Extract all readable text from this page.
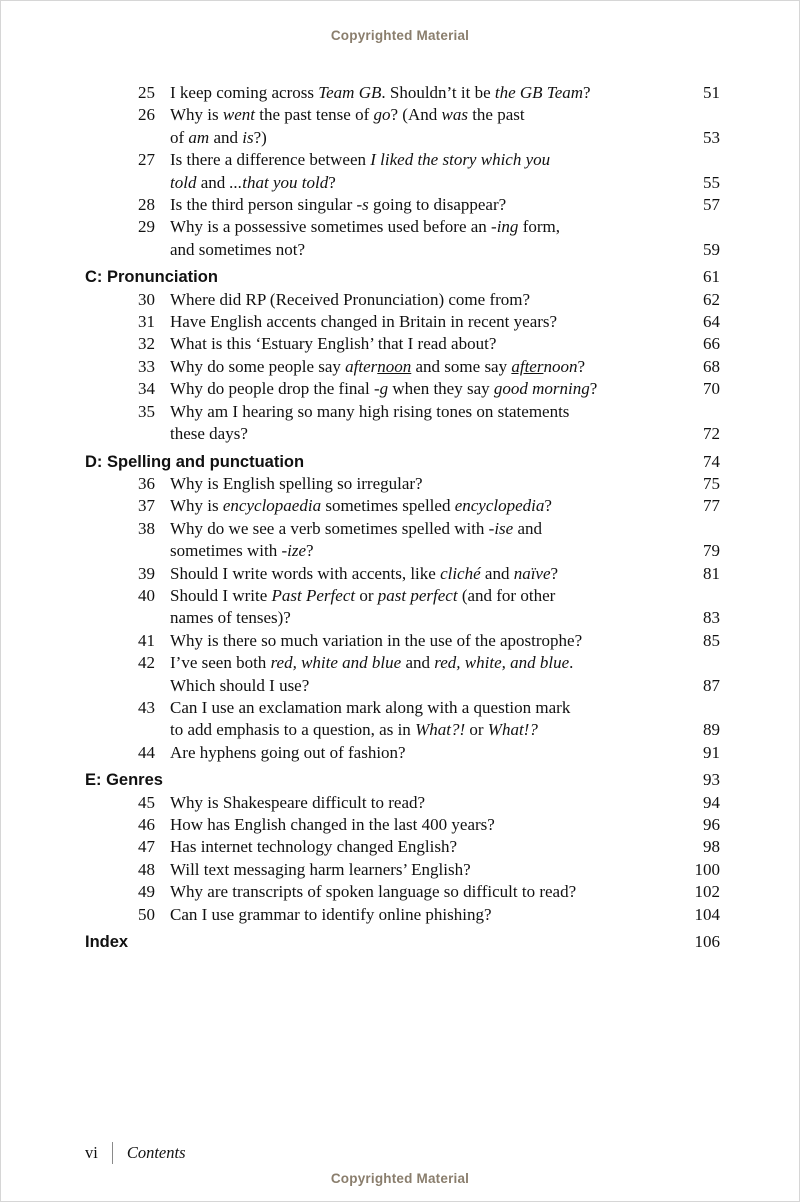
Copyrighted Material
25 I keep coming across Team GB. Shouldn’t it be the GB Team?	51
26 Why is went the past tense of go? (And was the past
of am and is?)	53
27 Is there a difference between I liked the story which you
told and ...that you told?	55
28 Is the third person singular -s going to disappear?	57
29 Why is a possessive sometimes used before an -ing form,
and sometimes not?	59
C: Pronunciation	61
30 Where did RP (Received Pronunciation) come from?	62
31 Have English accents changed in Britain in recent years?	64
32 What is this ‘Estuary English’ that I read about?	66
33 Why do some people say afternoon and some say afternoon?	68
34 Why do people drop the final -g when they say good morning?	70
35 Why am I hearing so many high rising tones on statements
these days?	72
D: Spelling and punctuation	74
36 Why is English spelling so irregular?	75
37 Why is encyclopaedia sometimes spelled encyclopedia?	77
38 Why do we see a verb sometimes spelled with -ise and
sometimes with -ize?	79
39 Should I write words with accents, like cliché and naïve?	81
40 Should I write Past Perfect or past perfect (and for other
names of tenses)?	83
41 Why is there so much variation in the use of the apostrophe?	85
42 I’ve seen both red, white and blue and red, white, and blue.
Which should I use?	87
43 Can I use an exclamation mark along with a question mark
to add emphasis to a question, as in What?! or What!?	89
44 Are hyphens going out of fashion?	91
E: Genres	93
45 Why is Shakespeare difficult to read?	94
46 How has English changed in the last 400 years?	96
47 Has internet technology changed English?	98
48 Will text messaging harm learners’ English?	100
49 Why are transcripts of spoken language so difficult to read?	102
50 Can I use grammar to identify online phishing?	104
Index	106
vi Contents
Copyrighted Material
